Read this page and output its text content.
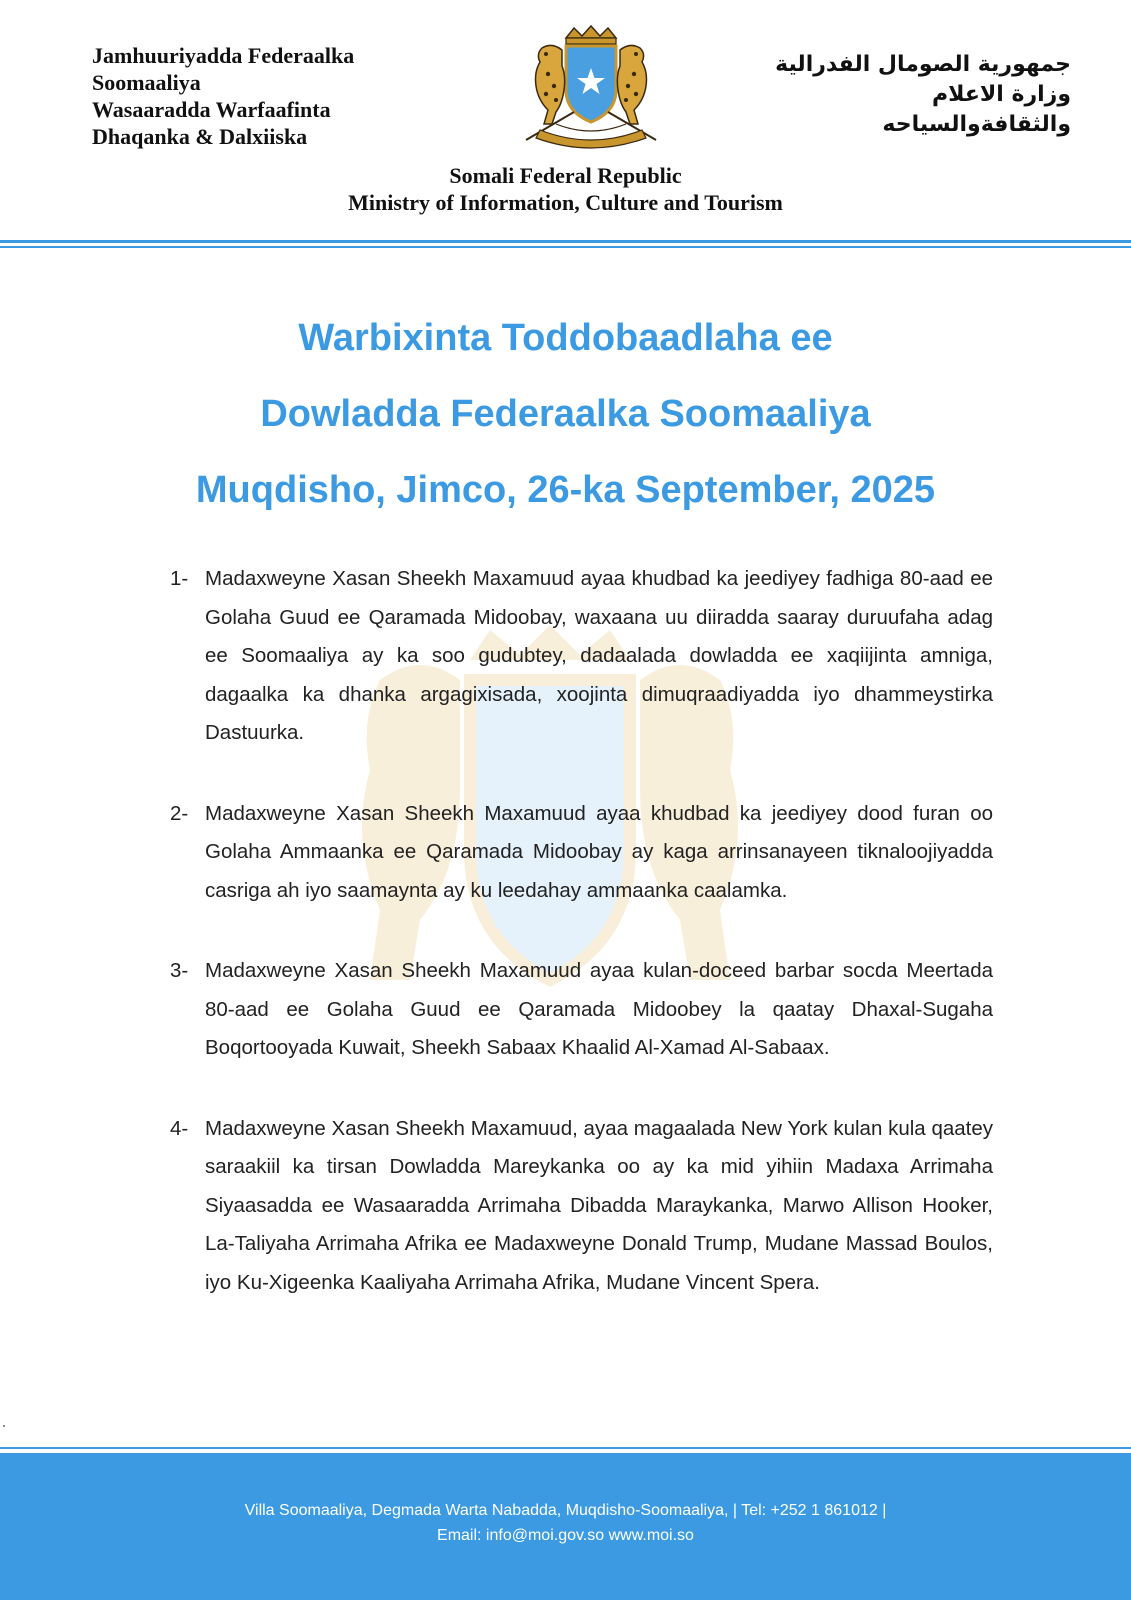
Jamhuuriyadda Federaalka
Soomaaliya
Wasaaradda Warfaafinta
Dhaqanka & Dalxiiska
جمهورية الصومال الفدرالية
وزارة الاعلام
والثقافةوالسياحه
Somali Federal Republic
Ministry of Information, Culture and Tourism
Warbixinta Toddobaadlaha ee
Dowladda Federaalka Soomaaliya
Muqdisho, Jimco, 26-ka September, 2025
1- Madaxweyne Xasan Sheekh Maxamuud ayaa khudbad ka jeediyey fadhiga 80-aad ee Golaha Guud ee Qaramada Midoobay, waxaana uu diiradda saaray duruufaha adag ee Soomaaliya ay ka soo gudubtey, dadaalada dowladda ee xaqiijinta amniga, dagaalka ka dhanka argagixisada, xoojinta dimuqraadiyadda iyo dhammeystirka Dastuurka.
2- Madaxweyne Xasan Sheekh Maxamuud ayaa khudbad ka jeediyey dood furan oo Golaha Ammaanka ee Qaramada Midoobay ay kaga arrinsanayeen tiknaloojiyadda casriga ah iyo saamaynta ay ku leedahay ammaanka caalamka.
3- Madaxweyne Xasan Sheekh Maxamuud ayaa kulan-doceed barbar socda Meertada 80-aad ee Golaha Guud ee Qaramada Midoobey la qaatay Dhaxal-Sugaha Boqortooyada Kuwait, Sheekh Sabaax Khaalid Al-Xamad Al-Sabaax.
4- Madaxweyne Xasan Sheekh Maxamuud, ayaa magaalada New York kulan kula qaatey saraakiil ka tirsan Dowladda Mareykanka oo ay ka mid yihiin Madaxa Arrimaha Siyaasadda ee Wasaaradda Arrimaha Dibadda Maraykanka, Marwo Allison Hooker, La-Taliyaha Arrimaha Afrika ee Madaxweyne Donald Trump, Mudane Massad Boulos, iyo Ku-Xigeenka Kaaliyaha Arrimaha Afrika, Mudane Vincent Spera.
Villa Soomaaliya, Degmada Warta Nabadda, Muqdisho-Soomaaliya, | Tel: +252 1 861012 |
Email: info@moi.gov.so www.moi.so
